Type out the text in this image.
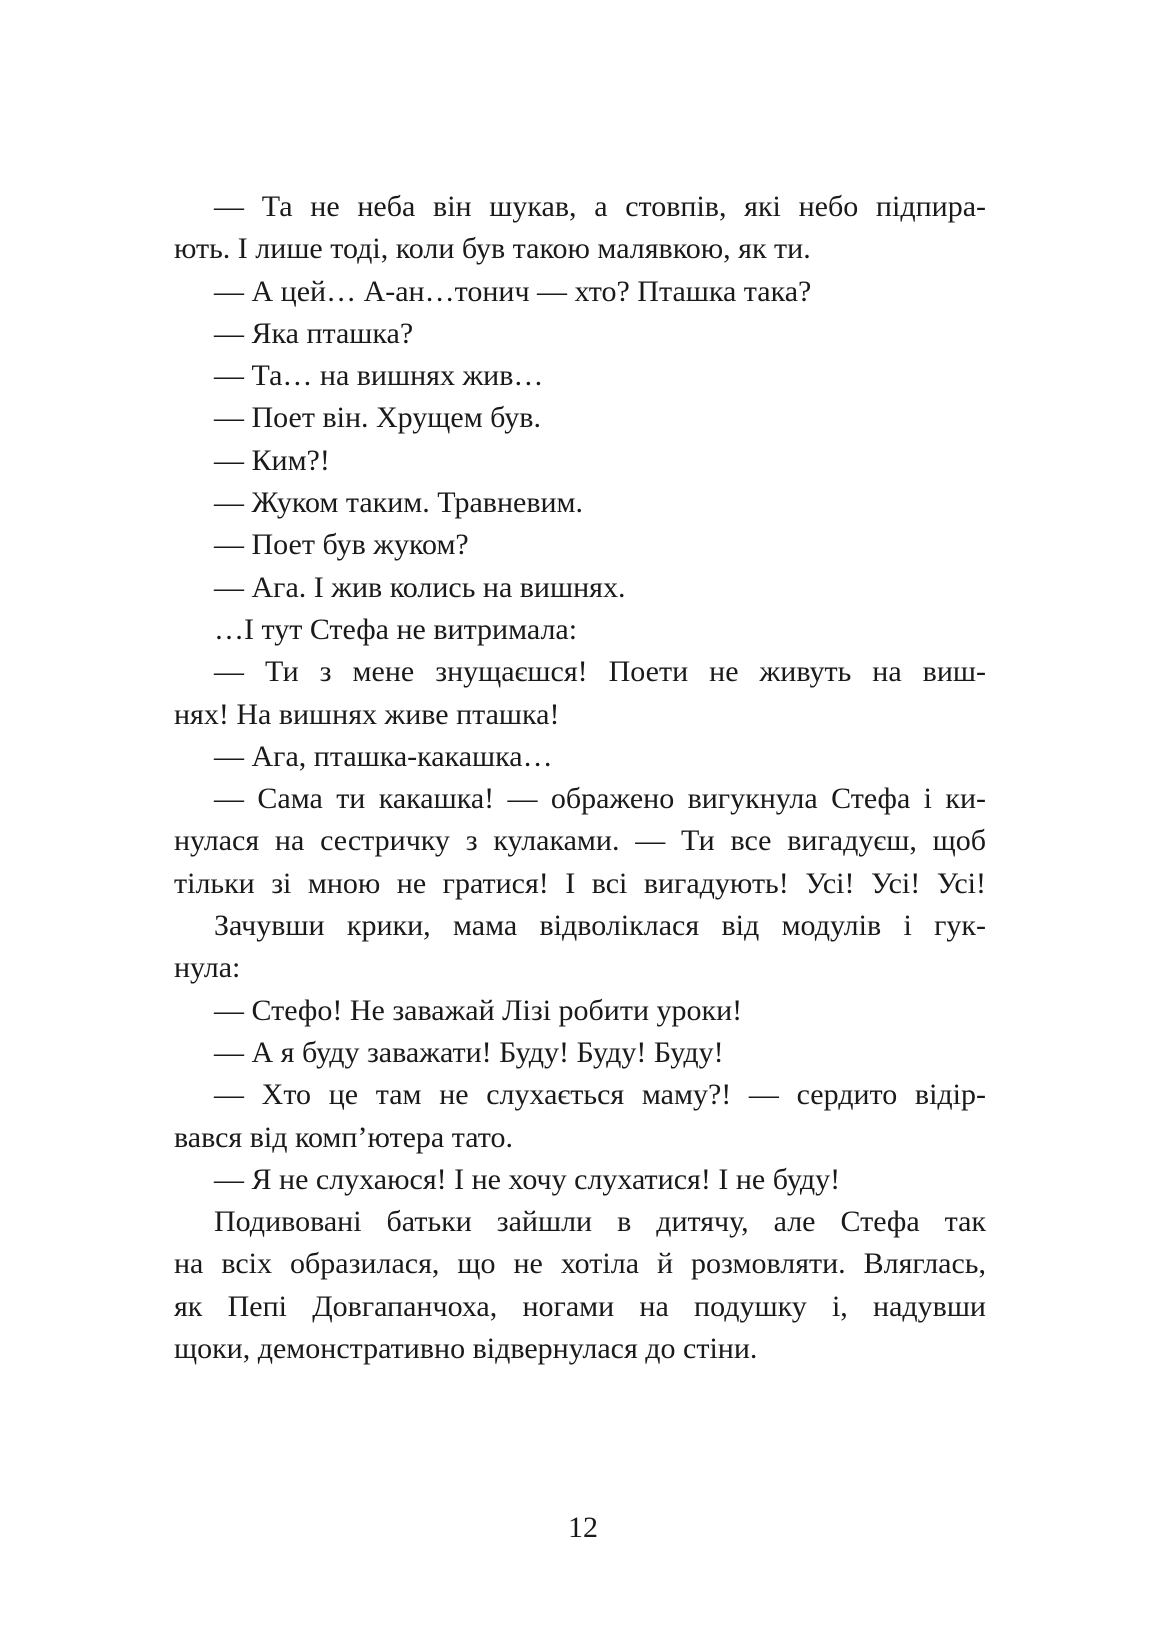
— Та не неба він шукав, а стовпів, які небо підпира-
ють. І лише тоді, коли був такою малявкою, як ти.
— А цей… А-ан…тонич — хто? Пташка така?
— Яка пташка?
— Та… на вишнях жив…
— Поет він. Хрущем був.
— Ким?!
— Жуком таким. Травневим.
— Поет був жуком?
— Ага. І жив колись на вишнях.
…І тут Стефа не витримала:
— Ти з мене знущаєшся! Поети не живуть на виш-
нях! На вишнях живе пташка!
— Ага, пташка-какашка…
— Сама ти какашка! — ображено вигукнула Стефа і ки-
нулася на сестричку з кулаками. — Ти все вигадуєш, щоб
тільки зі мною не гратися! І всі вигадують! Усі! Усі! Усі!
Зачувши крики, мама відволіклася від модулів і гук-
нула:
— Стефо! Не заважай Лізі робити уроки!
— А я буду заважати! Буду! Буду! Буду!
— Хто це там не слухається маму?! — сердито відір-
вався від комп’ютера тато.
— Я не слухаюся! І не хочу слухатися! І не буду!
Подивовані батьки зайшли в дитячу, але Стефа так
на всіх образилася, що не хотіла й розмовляти. Вляглась,
як Пепі Довгапанчоха, ногами на подушку і, надувши
щоки, демонстративно відвернулася до стіни.
12
